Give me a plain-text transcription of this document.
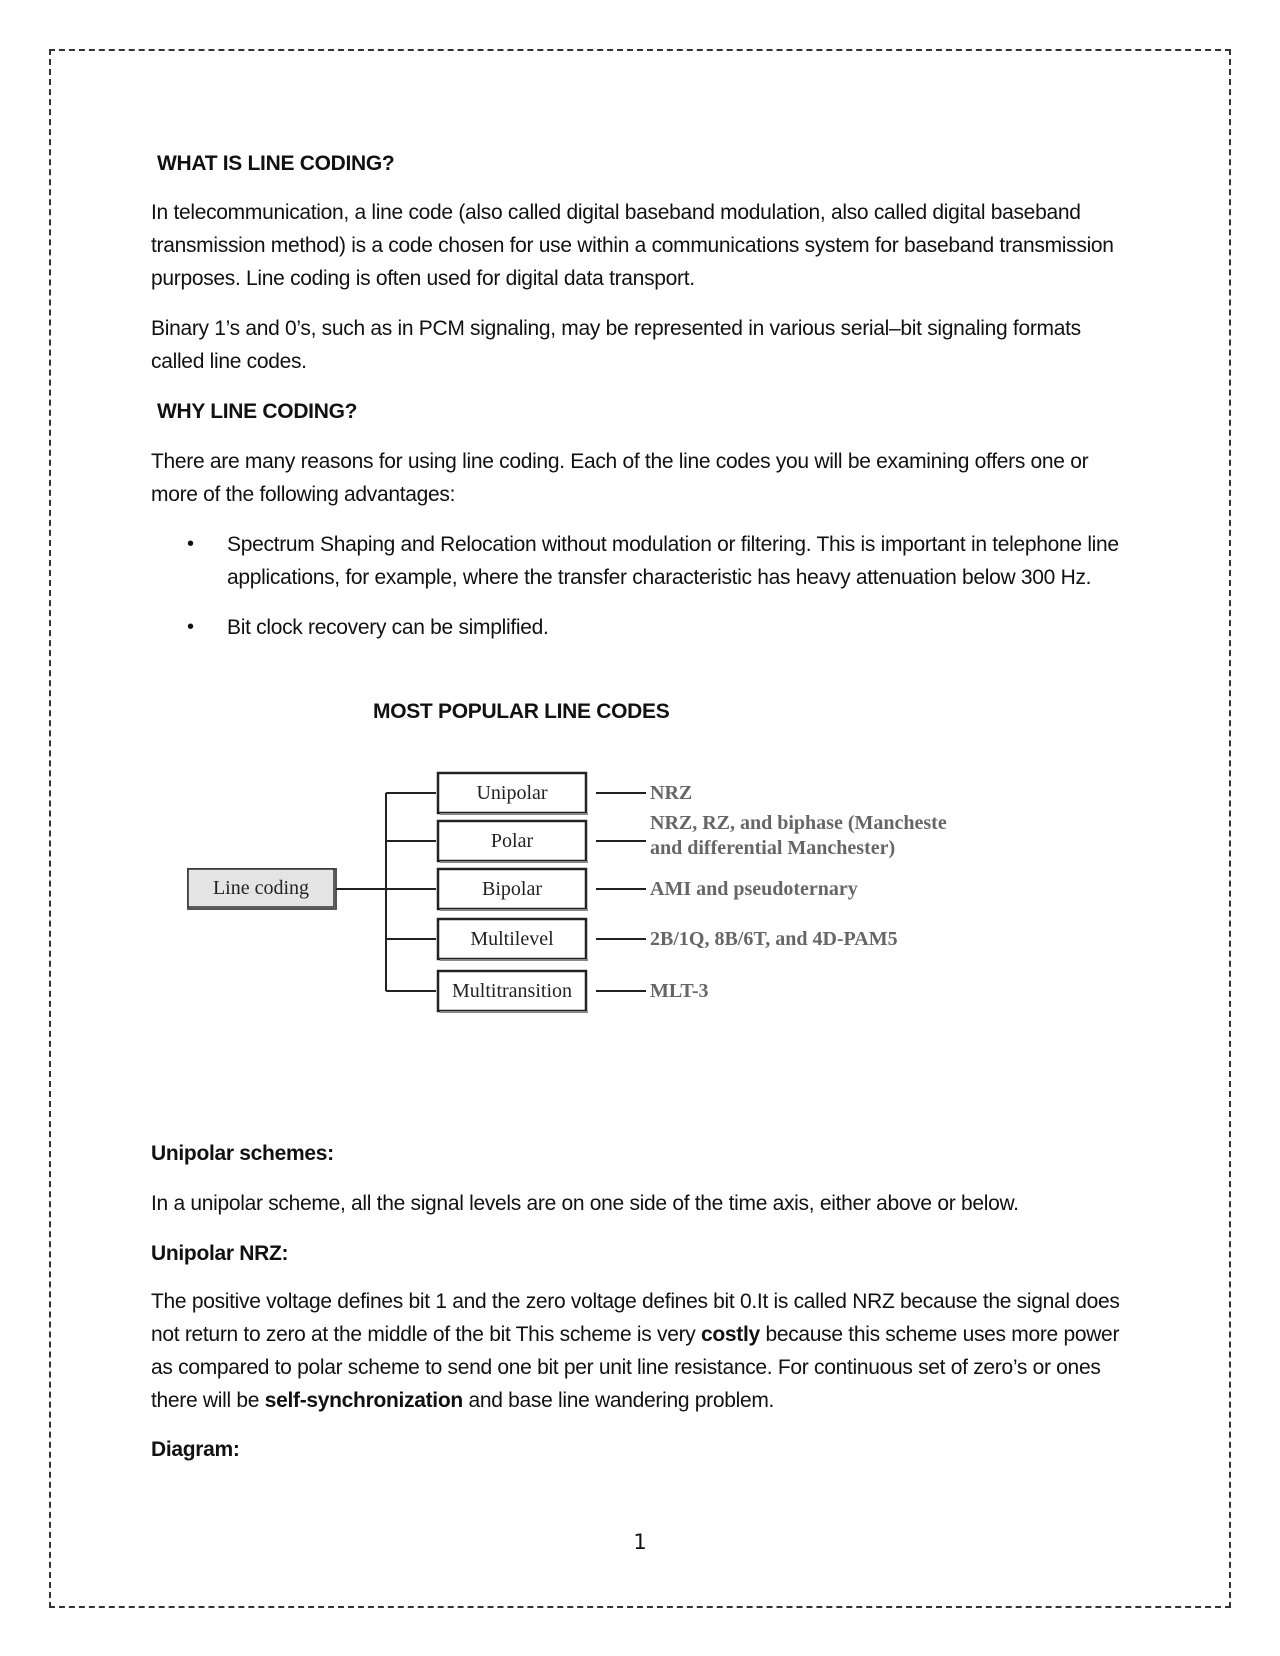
WHAT IS LINE CODING?

In telecommunication, a line code (also called digital baseband modulation, also called digital baseband transmission method) is a code chosen for use within a communications system for baseband transmission purposes. Line coding is often used for digital data transport.

Binary 1’s and 0’s, such as in PCM signaling, may be represented in various serial–bit signaling formats called line codes.

WHY LINE CODING?

There are many reasons for using line coding. Each of the line codes you will be examining offers one or more of the following advantages:

• Spectrum Shaping and Relocation without modulation or filtering. This is important in telephone line applications, for example, where the transfer characteristic has heavy attenuation below 300 Hz.
• Bit clock recovery can be simplified.
MOST POPULAR LINE CODES
Line coding
Unipolar	NRZ
Polar
NRZ, RZ, and biphase (Mancheste
and differential Manchester)
Bipolar	AMI and pseudoternary
Multilevel	2B/1Q, 8B/6T, and 4D-PAM5
Multitransition	MLT-3
Unipolar schemes:

In a unipolar scheme, all the signal levels are on one side of the time axis, either above or below.

Unipolar NRZ:

The positive voltage defines bit 1 and the zero voltage defines bit 0.It is called NRZ because the signal does not return to zero at the middle of the bit This scheme is very costly because this scheme uses more power as compared to polar scheme to send one bit per unit line resistance. For continuous set of zero’s or ones there will be self-synchronization and base line wandering problem.

Diagram:
1
